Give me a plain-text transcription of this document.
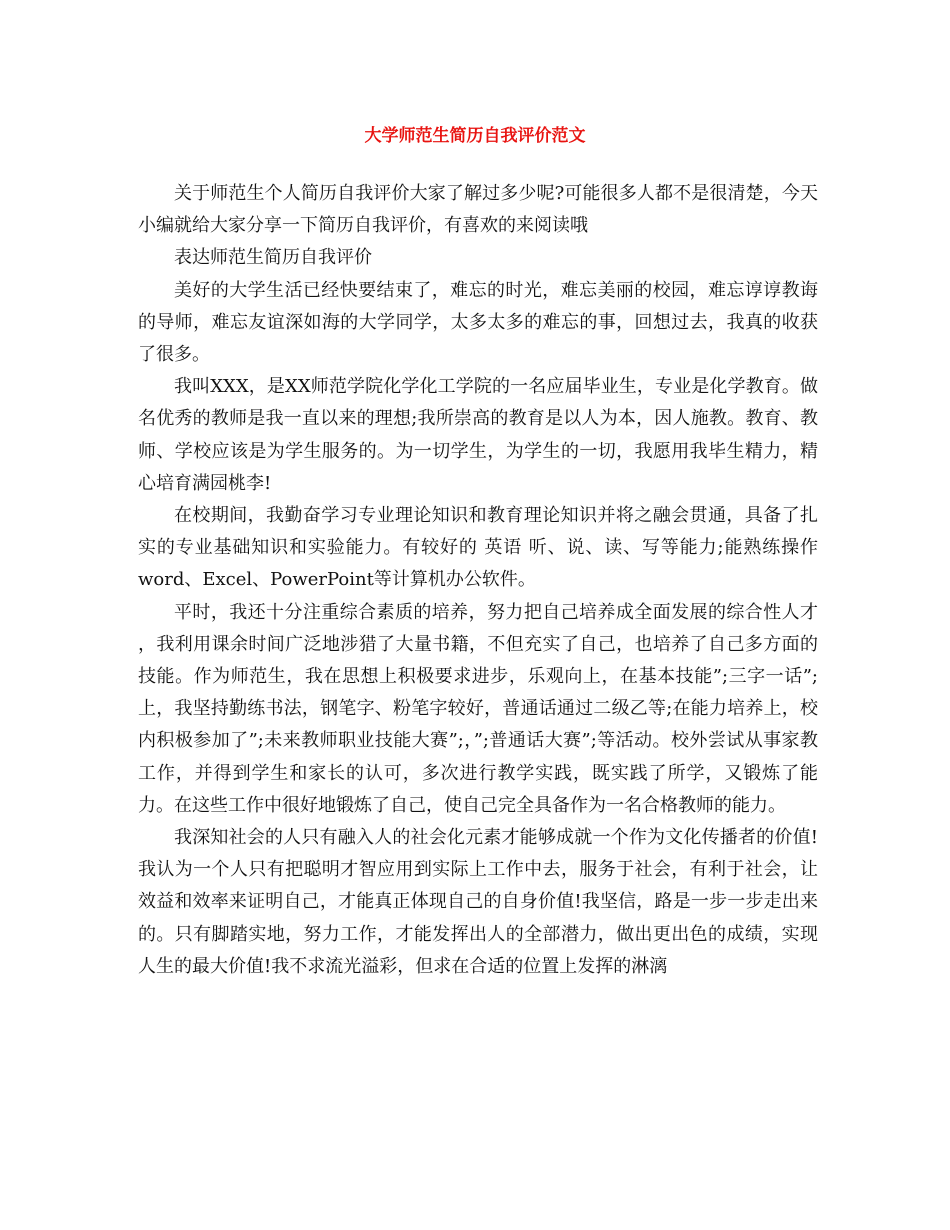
大学师范生简历自我评价范文

关于师范生个人简历自我评价大家了解过多少呢?可能很多人都不是很清楚，今天小编就给大家分享一下简历自我评价，有喜欢的来阅读哦

表达师范生简历自我评价

美好的大学生活已经快要结束了，难忘的时光，难忘美丽的校园，难忘谆谆教诲的导师，难忘友谊深如海的大学同学，太多太多的难忘的事，回想过去，我真的收获了很多。

我叫XXX，是XX师范学院化学化工学院的一名应届毕业生，专业是化学教育。做名优秀的教师是我一直以来的理想;我所崇高的教育是以人为本，因人施教。教育、教师、学校应该是为学生服务的。为一切学生，为学生的一切，我愿用我毕生精力，精心培育满园桃李!

在校期间，我勤奋学习专业理论知识和教育理论知识并将之融会贯通，具备了扎实的专业基础知识和实验能力。有较好的 英语 听、说、读、写等能力;能熟练操作word、Excel、PowerPoint等计算机办公软件。

平时，我还十分注重综合素质的培养，努力把自己培养成全面发展的综合性人才 ，我利用课余时间广泛地涉猎了大量书籍，不但充实了自己，也培养了自己多方面的技能。作为师范生，我在思想上积极要求进步，乐观向上，在基本技能”;三字一话”;上，我坚持勤练书法，钢笔字、粉笔字较好，普通话通过二级乙等;在能力培养上，校内积极参加了”;未来教师职业技能大赛”;，”;普通话大赛”;等活动。校外尝试从事家教工作，并得到学生和家长的认可，多次进行教学实践，既实践了所学，又锻炼了能力。在这些工作中很好地锻炼了自己，使自己完全具备作为一名合格教师的能力。

我深知社会的人只有融入人的社会化元素才能够成就一个作为文化传播者的价值!我认为一个人只有把聪明才智应用到实际上工作中去，服务于社会，有利于社会，让效益和效率来证明自己，才能真正体现自己的自身价值!我坚信，路是一步一步走出来的。只有脚踏实地，努力工作，才能发挥出人的全部潜力，做出更出色的成绩，实现人生的最大价值!我不求流光溢彩，但求在合适的位置上发挥的淋漓
